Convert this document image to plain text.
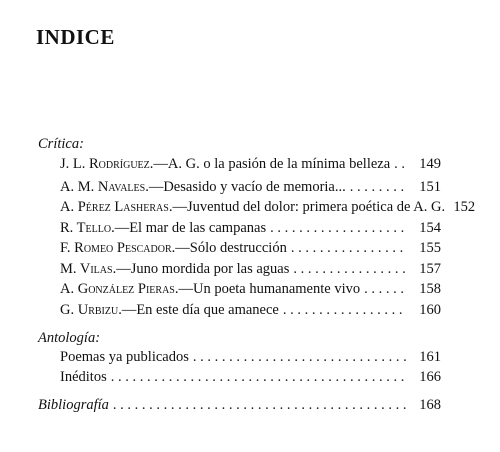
INDICE
Crítica:
J. L. Rodríguez.—A. G. o la pasión de la mínima belleza . . .	149
A. M. Navales.—Desasido y vacío de memoria... . . .	151
A. Pérez Lasheras.—Juventud del dolor: primera poética de A. G. 152
R. Tello.—El mar de las campanas . . .	154
F. Romeo Pescador.—Sólo destrucción . . .	155
M. Vilas.—Juno mordida por las aguas . . .	157
A. González Pieras.—Un poeta humanamente vivo . . .	158
G. Urbizu.—En este día que amanece . . .	160
Antología:
Poemas ya publicados . . .	161
Inéditos . . .	166
Bibliografía . . .	168
